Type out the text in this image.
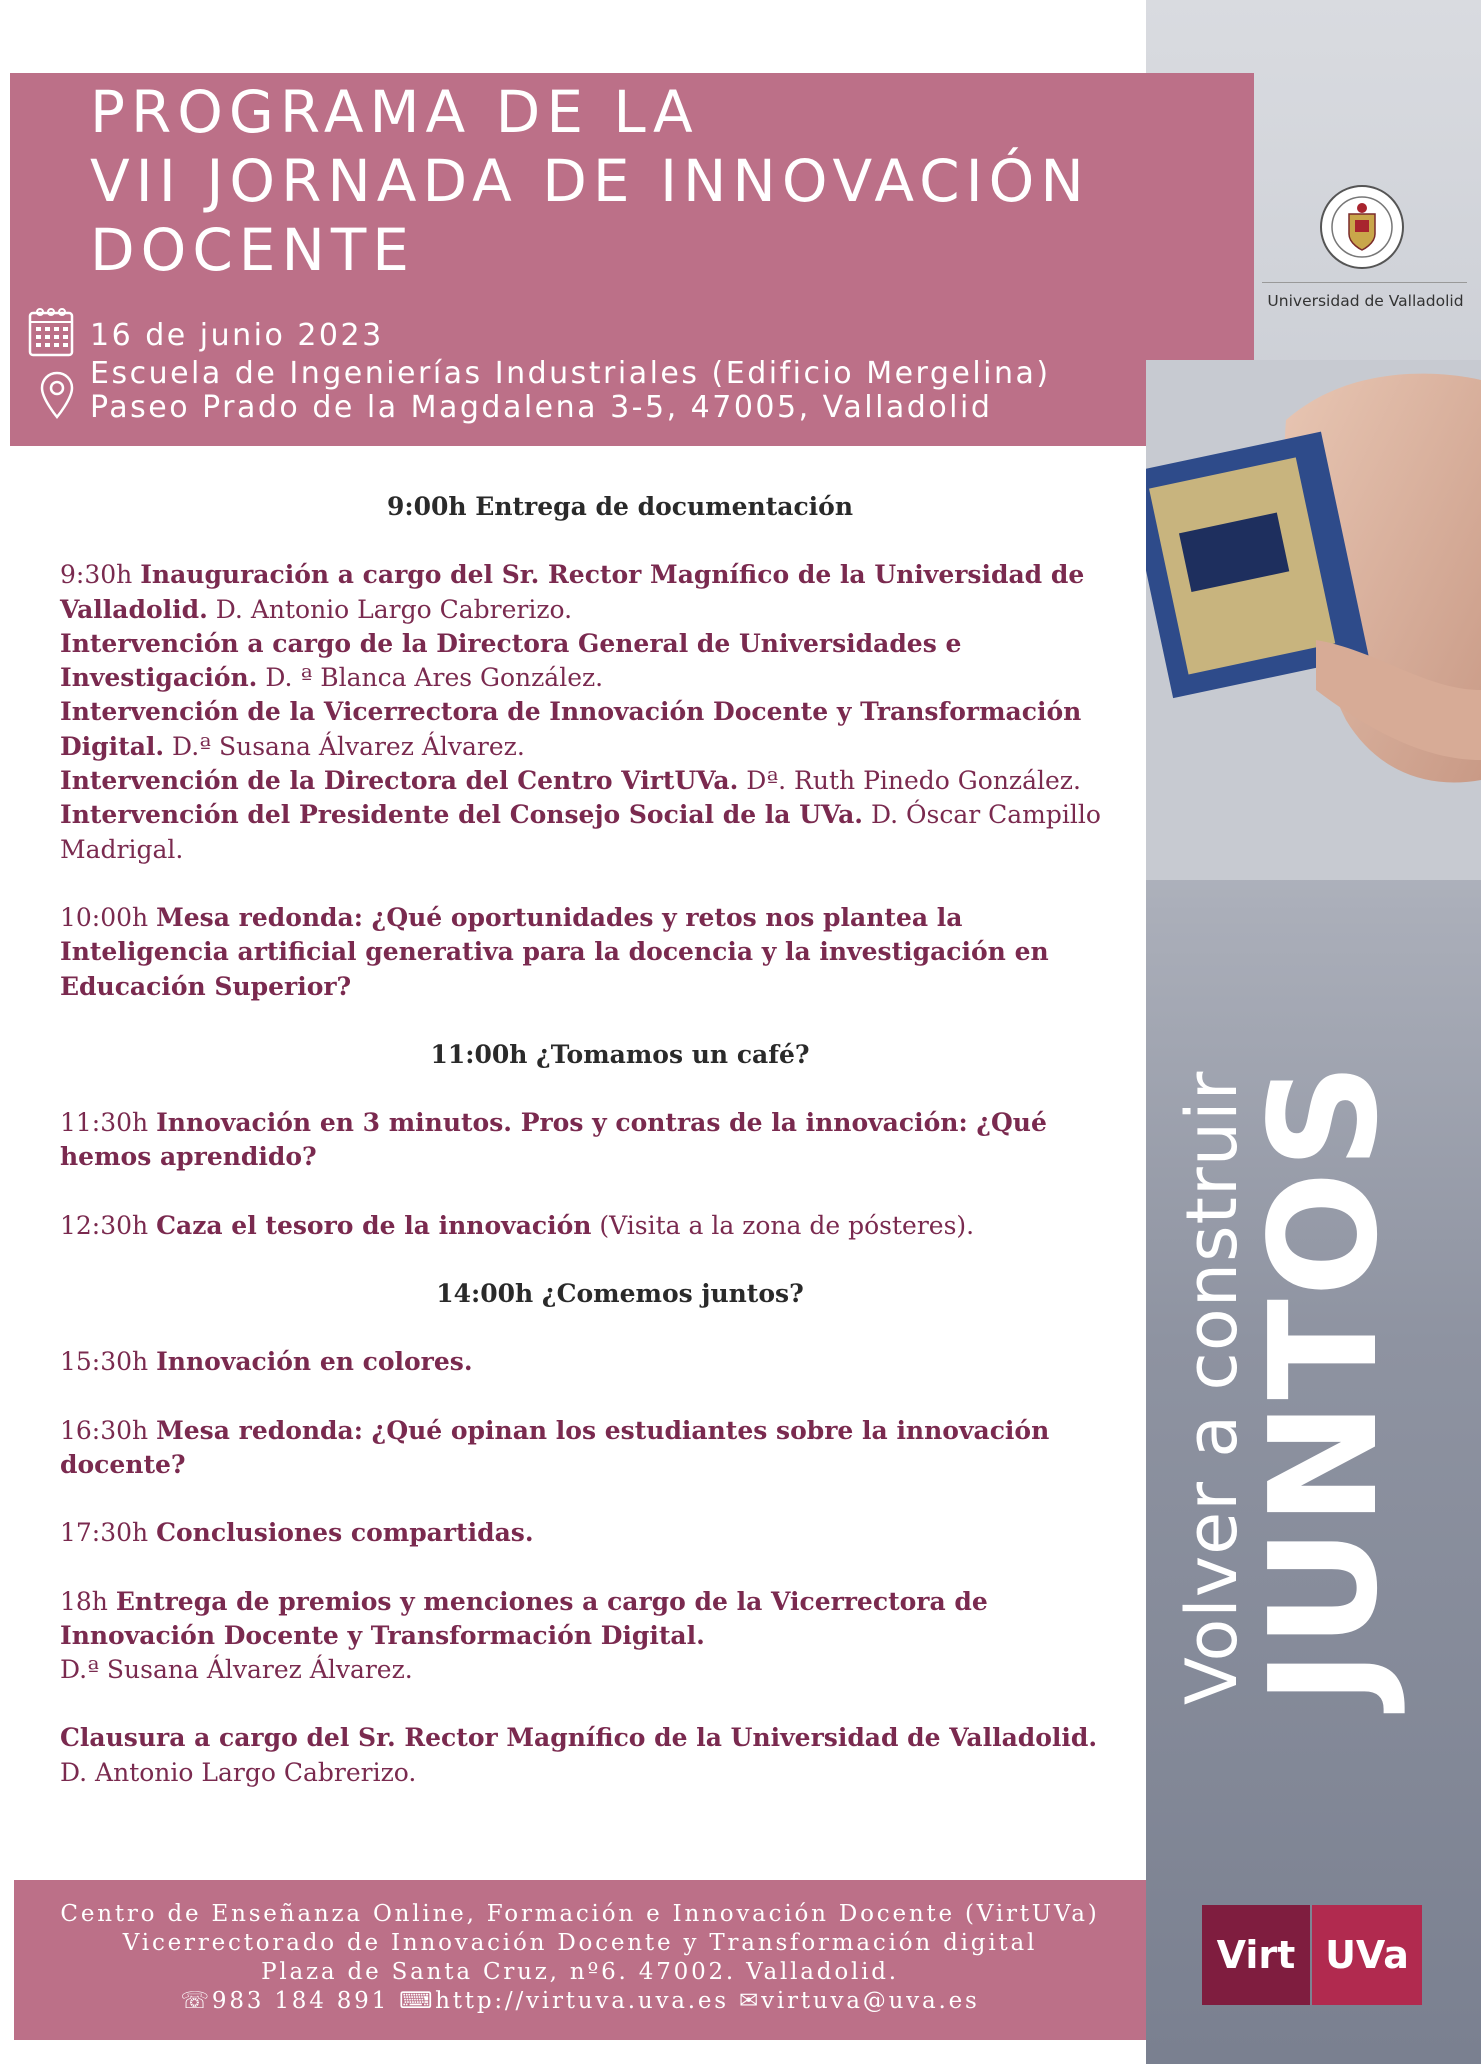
PROGRAMA DE LA
VII JORNADA DE INNOVACIÓN
DOCENTE
16 de junio 2023
Escuela de Ingenierías Industriales (Edificio Mergelina)
Paseo Prado de la Magdalena 3-5, 47005, Valladolid

9:00h Entrega de documentación

9:30h Inauguración a cargo del Sr. Rector Magnífico de la Universidad de Valladolid. D. Antonio Largo Cabrerizo.
Intervención a cargo de la Directora General de Universidades e Investigación. D. ª Blanca Ares González.
Intervención de la Vicerrectora de Innovación Docente y Transformación Digital. D.ª Susana Álvarez Álvarez.
Intervención de la Directora del Centro VirtUVa. Dª. Ruth Pinedo González.
Intervención del Presidente del Consejo Social de la UVa. D. Óscar Campillo Madrigal.

10:00h Mesa redonda: ¿Qué oportunidades y retos nos plantea la Inteligencia artificial generativa para la docencia y la investigación en Educación Superior?

11:00h ¿Tomamos un café?

11:30h Innovación en 3 minutos. Pros y contras de la innovación: ¿Qué hemos aprendido?

12:30h Caza el tesoro de la innovación (Visita a la zona de pósteres).

14:00h ¿Comemos juntos?

15:30h Innovación en colores.

16:30h Mesa redonda: ¿Qué opinan los estudiantes sobre la innovación docente?

17:30h Conclusiones compartidas.

18h Entrega de premios y menciones a cargo de la Vicerrectora de Innovación Docente y Transformación Digital.
D.ª Susana Álvarez Álvarez.

Clausura a cargo del Sr. Rector Magnífico de la Universidad de Valladolid.
D. Antonio Largo Cabrerizo.

Centro de Enseñanza Online, Formación e Innovación Docente (VirtUVa)
Vicerrectorado de Innovación Docente y Transformación digital
Plaza de Santa Cruz, nº6. 47002. Valladolid.
☏983 184 891 ⌨http://virtuva.uva.es ✉virtuva@uva.es
Universidad de Valladolid
Volver a construir
JUNTOS
Virt UVa
